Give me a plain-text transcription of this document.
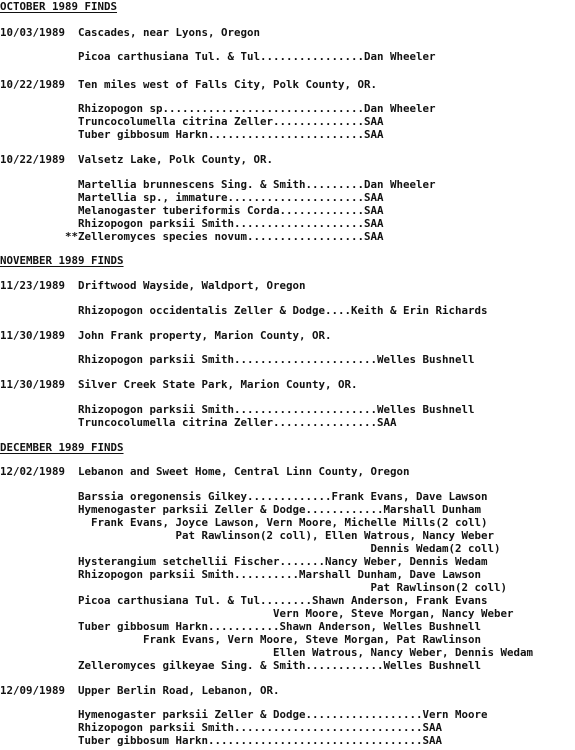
OCTOBER 1989 FINDS
10/03/1989  Cascades, near Lyons, Oregon
Picoa carthusiana Tul. & Tul................Dan Wheeler
10/22/1989  Ten miles west of Falls City, Polk County, OR.
Rhizopogon sp...............................Dan Wheeler
Truncocolumella citrina Zeller..............SAA
Tuber gibbosum Harkn........................SAA
10/22/1989  Valsetz Lake, Polk County, OR.
Martellia brunnescens Sing. & Smith.........Dan Wheeler
Martellia sp., immature.....................SAA
Melanogaster tuberiformis Corda.............SAA
Rhizopogon parksii Smith....................SAA
**Zelleromyces species novum..................SAA
NOVEMBER 1989 FINDS
11/23/1989  Driftwood Wayside, Waldport, Oregon
Rhizopogon occidentalis Zeller & Dodge....Keith & Erin Richards
11/30/1989  John Frank property, Marion County, OR.
Rhizopogon parksii Smith......................Welles Bushnell
11/30/1989  Silver Creek State Park, Marion County, OR.
Rhizopogon parksii Smith......................Welles Bushnell
Truncocolumella citrina Zeller................SAA
DECEMBER 1989 FINDS
12/02/1989  Lebanon and Sweet Home, Central Linn County, Oregon
Barssia oregonensis Gilkey.............Frank Evans, Dave Lawson
Hymenogaster parksii Zeller & Dodge............Marshall Dunham
Frank Evans, Joyce Lawson, Vern Moore, Michelle Mills(2 coll)
Pat Rawlinson(2 coll), Ellen Watrous, Nancy Weber
Dennis Wedam(2 coll)
Hysterangium setchellii Fischer.......Nancy Weber, Dennis Wedam
Rhizopogon parksii Smith..........Marshall Dunham, Dave Lawson
Pat Rawlinson(2 coll)
Picoa carthusiana Tul. & Tul........Shawn Anderson, Frank Evans
Vern Moore, Steve Morgan, Nancy Weber
Tuber gibbosum Harkn...........Shawn Anderson, Welles Bushnell
Frank Evans, Vern Moore, Steve Morgan, Pat Rawlinson
Ellen Watrous, Nancy Weber, Dennis Wedam
Zelleromyces gilkeyae Sing. & Smith............Welles Bushnell
12/09/1989  Upper Berlin Road, Lebanon, OR.
Hymenogaster parksii Zeller & Dodge..................Vern Moore
Rhizopogon parksii Smith.............................SAA
Tuber gibbosum Harkn.................................SAA
